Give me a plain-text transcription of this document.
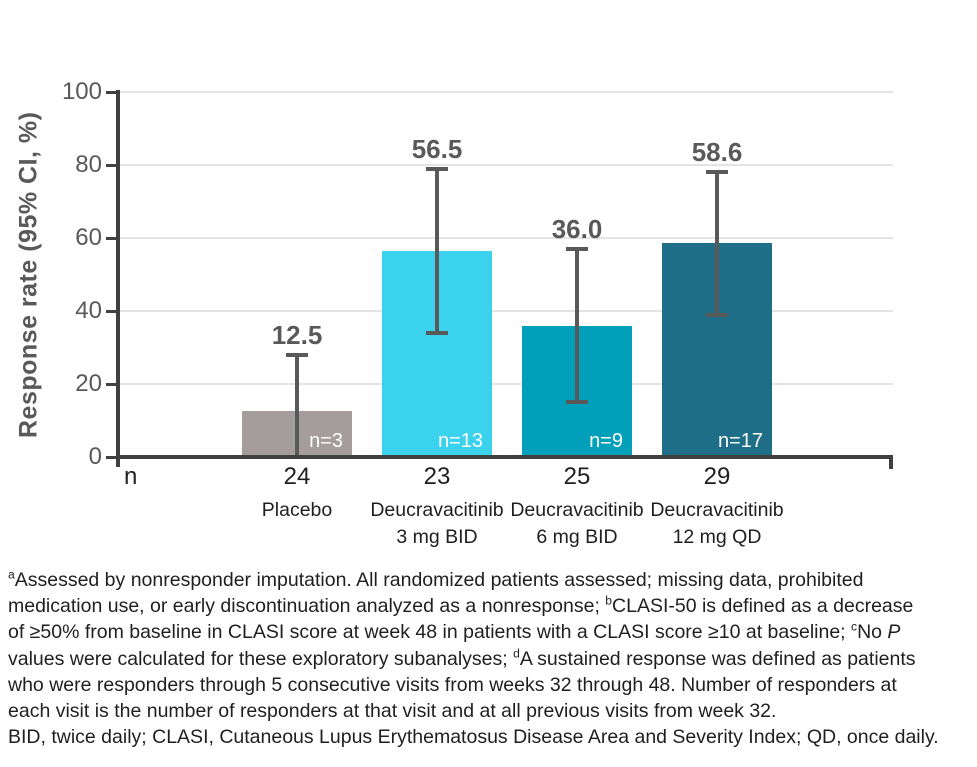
Response rate (95% CI, %)
0
20
40
60
80
100
n=3	n=13	n=9	n=17
12.5
56.5
36.0
58.6
n	24	23	25	29
Placebo	Deucravacitinib
3 mg BID
Deucravacitinib
6 mg BID
Deucravacitinib
12 mg QD
$^a$Assessed by nonresponder imputation. All randomized patients assessed; missing data, prohibited
medication use, or early discontinuation analyzed as a nonresponse; $^b$CLASI-50 is defined as a decrease
of ≥50% from baseline in CLASI score at week 48 in patients with a CLASI score ≥10 at baseline; $^c$No P
values were calculated for these exploratory subanalyses; $^d$A sustained response was defined as patients
who were responders through 5 consecutive visits from weeks 32 through 48. Number of responders at
each visit is the number of responders at that visit and at all previous visits from week 32.
BID, twice daily; CLASI, Cutaneous Lupus Erythematosus Disease Area and Severity Index; QD, once daily.
